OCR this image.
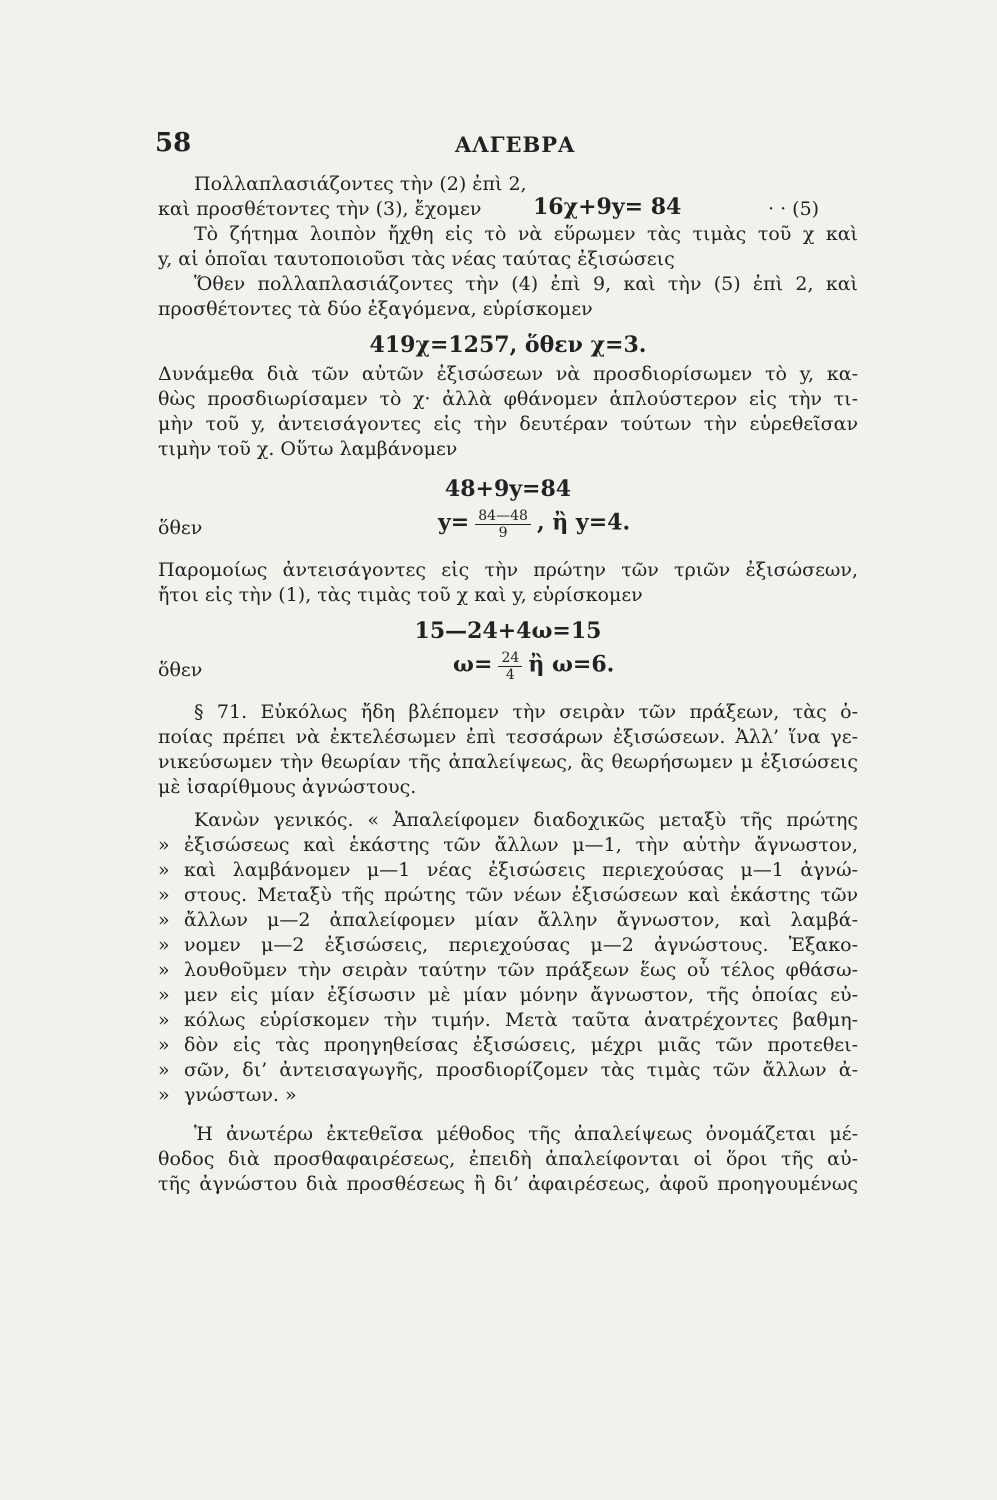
58	ΑΛΓΕΒΡΑ
Πολλαπλασιάζοντες τὴν (2) ἐπὶ 2,
καὶ προσθέτοντες τὴν (3), ἔχομεν 16χ+9y= 84	· · (5)
Τὸ ζήτημα λοιπὸν ἤχθη εἰς τὸ νὰ εὕρωμεν τὰς τιμὰς τοῦ χ καὶ
y, αἱ ὁποῖαι ταυτοποιοῦσι τὰς νέας ταύτας ἐξισώσεις
Ὅθεν πολλαπλασιάζοντες τὴν (4) ἐπὶ 9, καὶ τὴν (5) ἐπὶ 2, καὶ
προσθέτοντες τὰ δύο ἐξαγόμενα, εὑρίσκομεν
419χ=1257, ὅθεν χ=3.
Δυνάμεθα διὰ τῶν αὐτῶν ἐξισώσεων νὰ προσδιορίσωμεν τὸ y, κα-
θὼς προσδιωρίσαμεν τὸ χ· ἀλλὰ φθάνομεν ἁπλούστερον εἰς τὴν τι-
μὴν τοῦ y, ἀντεισάγοντες εἰς τὴν δευτέραν τούτων τὴν εὑρεθεῖσαν
τιμὴν τοῦ χ. Οὕτω λαμβάνομεν
48+9y=84
ὅθεν	$y= \frac{84—48}{9}$ , ἢ y=4.
Παρομοίως ἀντεισάγοντες εἰς τὴν πρώτην τῶν τριῶν ἐξισώσεων,
ἤτοι εἰς τὴν (1), τὰς τιμὰς τοῦ χ καὶ y, εὑρίσκομεν
15—24+4ω=15
ὅθεν	$\omega= \frac{24}{4}$ ἢ ω=6.
§ 71. Εὐκόλως ἤδη βλέπομεν τὴν σειρὰν τῶν πράξεων, τὰς ὁ-
ποίας πρέπει νὰ ἐκτελέσωμεν ἐπὶ τεσσάρων ἐξισώσεων. Ἀλλ’ ἵνα γε-
νικεύσωμεν τὴν θεωρίαν τῆς ἀπαλείψεως, ἃς θεωρήσωμεν μ ἐξισώσεις
μὲ ἰσαρίθμους ἀγνώστους.
Κανὼν γενικός. « Ἀπαλείφομεν διαδοχικῶς μεταξὺ τῆς πρώτης
» ἐξισώσεως καὶ ἑκάστης τῶν ἄλλων μ—1, τὴν αὐτὴν ἄγνωστον,
» καὶ λαμβάνομεν μ—1 νέας ἐξισώσεις περιεχούσας μ—1 ἀγνώ-
» στους. Μεταξὺ τῆς πρώτης τῶν νέων ἐξισώσεων καὶ ἑκάστης τῶν
» ἄλλων μ—2 ἀπαλείφομεν μίαν ἄλλην ἄγνωστον, καὶ λαμβά-
» νομεν μ—2 ἐξισώσεις, περιεχούσας μ—2 ἀγνώστους. Ἐξακο-
» λουθοῦμεν τὴν σειρὰν ταύτην τῶν πράξεων ἕως οὗ τέλος φθάσω-
» μεν εἰς μίαν ἐξίσωσιν μὲ μίαν μόνην ἄγνωστον, τῆς ὁποίας εὐ-
» κόλως εὑρίσκομεν τὴν τιμήν. Μετὰ ταῦτα ἀνατρέχοντες βαθμη-
» δὸν εἰς τὰς προηγηθείσας ἐξισώσεις, μέχρι μιᾶς τῶν προτεθει-
» σῶν, δι’ ἀντεισαγωγῆς, προσδιορίζομεν τὰς τιμὰς τῶν ἄλλων ἀ-
» γνώστων. »
Ἡ ἀνωτέρω ἐκτεθεῖσα μέθοδος τῆς ἀπαλείψεως ὀνομάζεται μέ-
θοδος διὰ προσθαφαιρέσεως, ἐπειδὴ ἀπαλείφονται οἱ ὅροι τῆς αὐ-
τῆς ἀγνώστου διὰ προσθέσεως ἢ δι’ ἀφαιρέσεως, ἀφοῦ προηγουμένως
